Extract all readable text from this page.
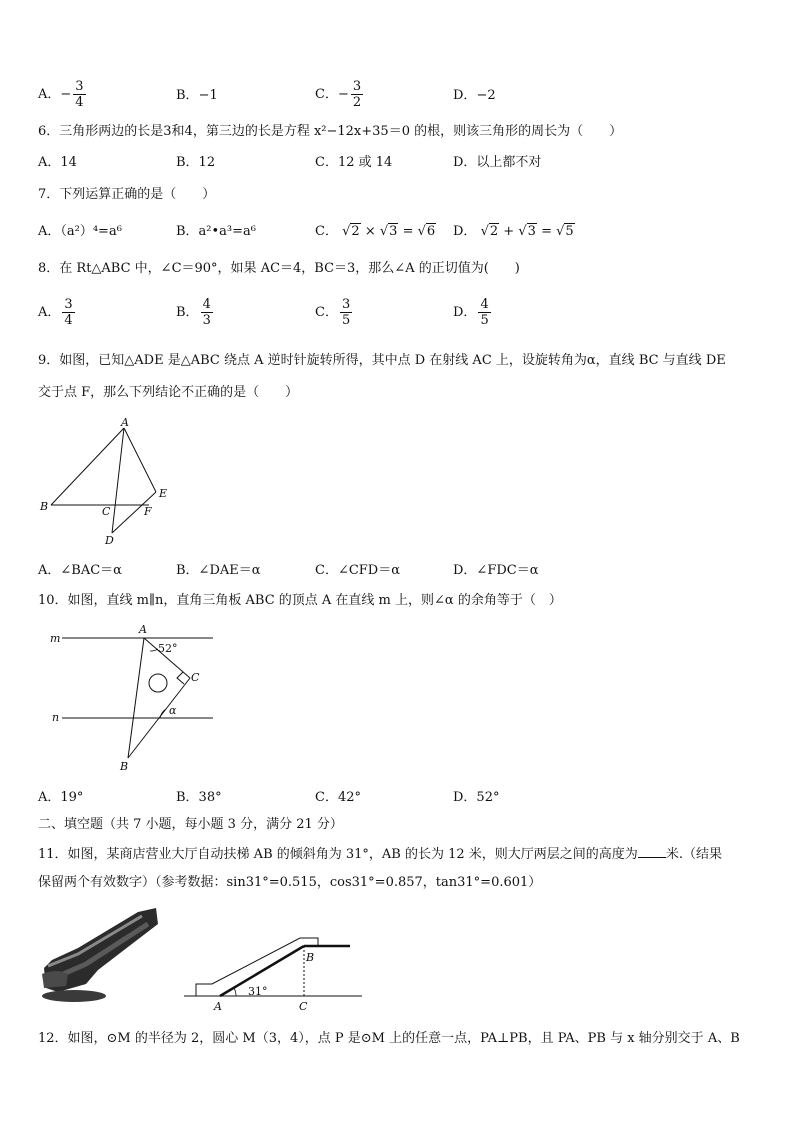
A．− $\frac{3}{4}$	B．−1	C．− $\frac{3}{2}$	D．−2
6．三角形两边的长是3和4，第三边的长是方程 x²−12x+35＝0 的根，则该三角形的周长为（　　）
A．14	B．12	C．12 或 14	D．以上都不对
7．下列运算正确的是（　　）
A．（a²）⁴=a⁶	B．a²•a³=a⁶	C． √2 × √3 = √6 D． √2 + √3 = √5
8．在 Rt△ABC 中，∠C＝90°，如果 AC＝4，BC＝3，那么∠A 的正切值为(　　)
A． $\frac{3}{4}$	B． $\frac{4}{3}$	C． $\frac{3}{5}$	D． $\frac{4}{5}$
9．如图，已知△ADE 是△ABC 绕点 A 逆时针旋转所得，其中点 D 在射线 AC 上，设旋转角为α，直线 BC 与直线 DE
交于点 F，那么下列结论不正确的是（　　）
A
B	C
D
E
F
A．∠BAC＝α	B．∠DAE＝α	C．∠CFD＝α	D．∠FDC＝α
10．如图，直线 m∥n，直角三角板 ABC 的顶点 A 在直线 m 上，则∠α 的余角等于（　）
m
n
A
C
B
52°
α
A．19°	B．38°	C．42°	D．52°
二、填空题（共 7 小题，每小题 3 分，满分 21 分）
11．如图，某商店营业大厅自动扶梯 AB 的倾斜角为 31°，AB 的长为 12 米，则大厅两层之间的高度为 米.（结果
保留两个有效数字）（参考数据：sin31°=0.515，cos31°=0.857，tan31°=0.601）
A
B
C
31°
12．如图，⊙M 的半径为 2，圆心 M（3，4），点 P 是⊙M 上的任意一点，PA⊥PB，且 PA、PB 与 x 轴分别交于 A、B
